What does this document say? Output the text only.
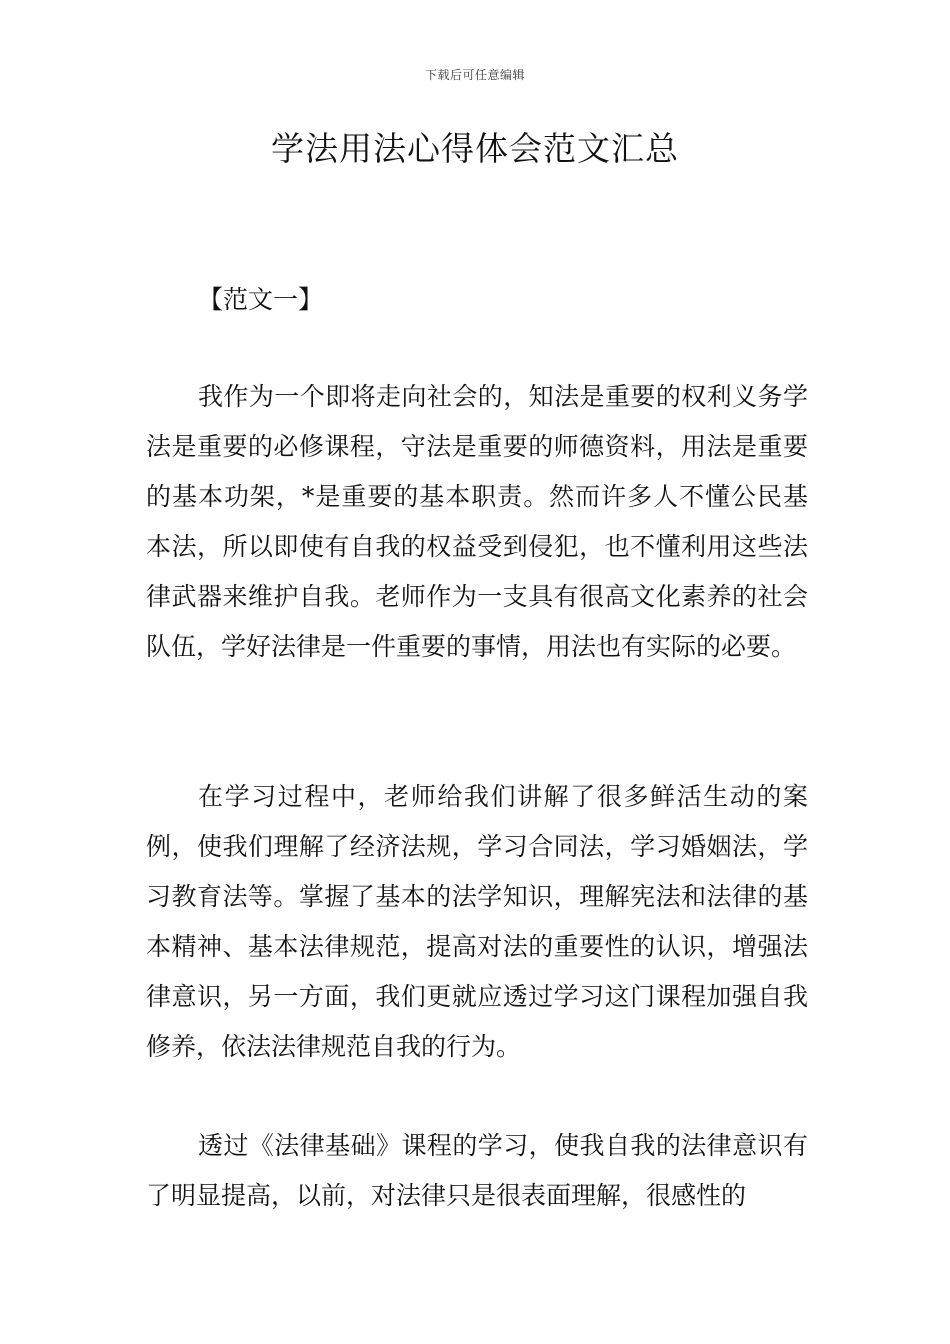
下载后可任意编辑
学法用法心得体会范文汇总
【范文一】

我作为一个即将走向社会的，知法是重要的权利义务学法是重要的必修课程，守法是重要的师德资料，用法是重要的基本功架，*是重要的基本职责。然而许多人不懂公民基本法，所以即使有自我的权益受到侵犯，也不懂利用这些法律武器来维护自我。老师作为一支具有很高文化素养的社会队伍，学好法律是一件重要的事情，用法也有实际的必要。

在学习过程中，老师给我们讲解了很多鲜活生动的案例，使我们理解了经济法规，学习合同法，学习婚姻法，学习教育法等。掌握了基本的法学知识，理解宪法和法律的基本精神、基本法律规范，提高对法的重要性的认识，增强法律意识，另一方面，我们更就应透过学习这门课程加强自我修养，依法法律规范自我的行为。

透过《法律基础》课程的学习，使我自我的法律意识有了明显提高，以前，对法律只是很表面理解，很感性的
